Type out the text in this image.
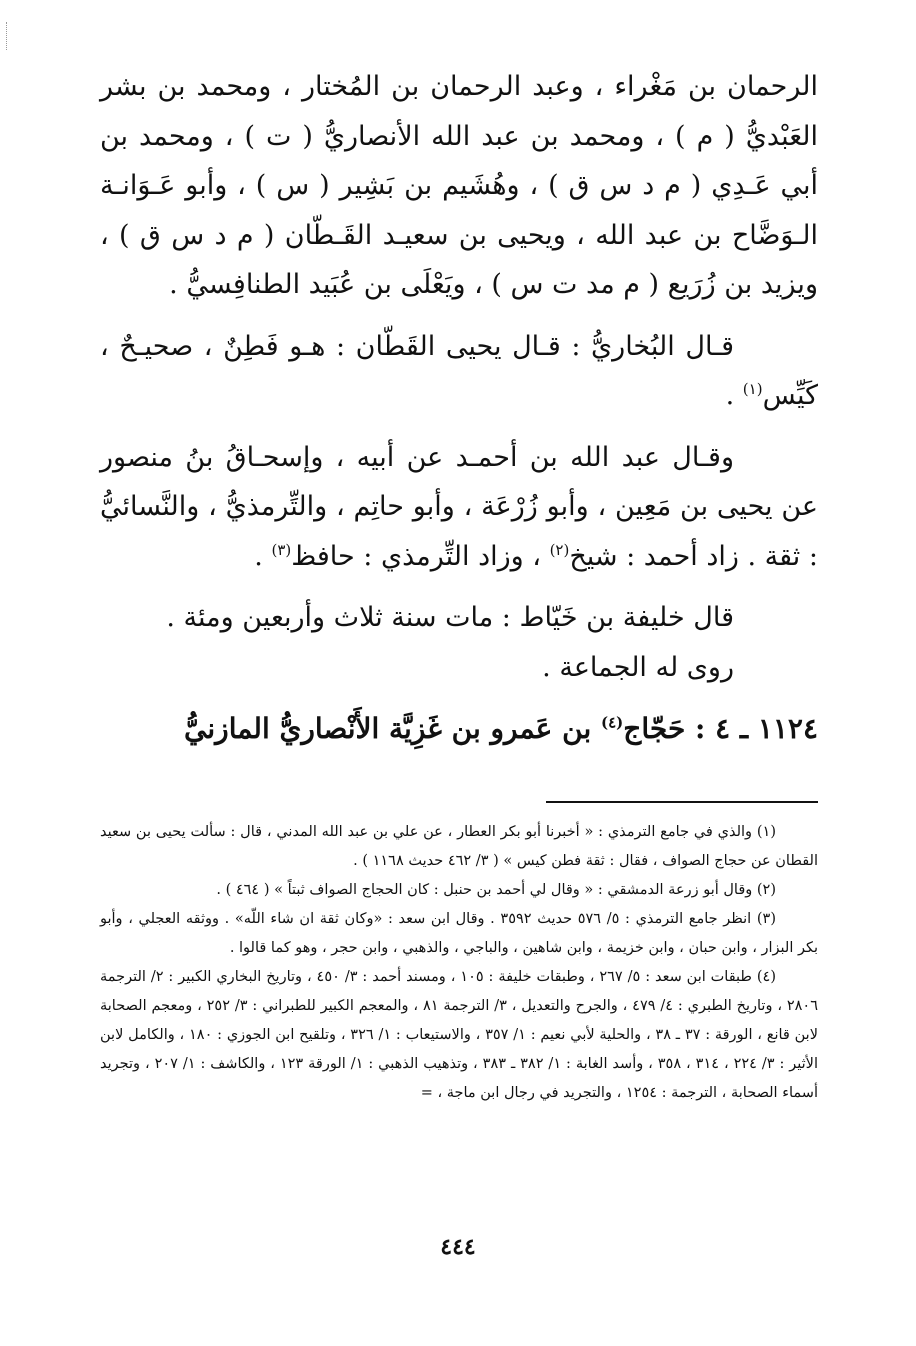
الرحمان بن مَغْراء ، وعبد الرحمان بن المُختار ، ومحمد بن بشر العَبْديُّ ( م ) ، ومحمد بن عبد الله الأنصاريُّ ( ت ) ، ومحمد بن أبي عَـدِي ( م د س ق ) ، وهُشَيم بن بَشِير ( س ) ، وأبو عَـوَانـة الـوَضَّاح بن عبد الله ، ويحيى بن سعيـد القَـطّان ( م د س ق ) ، ويزيد بن زُرَيع ( م مد ت س ) ، ويَعْلَى بن عُبَيد الطنافِسيُّ .

قـال البُخاريُّ : قـال يحيى القَطّان : هـو فَطِنٌ ، صحيـحٌ ، كَيِّس$^{(١)}$ .

وقـال عبد الله بن أحمـد عن أبيه ، وإسحـاقُ بنُ منصور عن يحيى بن مَعِين ، وأبو زُرْعَة ، وأبو حاتِم ، والتِّرمذيُّ ، والنَّسائيُّ : ثقة . زاد أحمد : شيخ$^{(٢)}$ ، وزاد التِّرمذي : حافظ$^{(٣)}$ .

قال خليفة بن خَيّاط : مات سنة ثلاث وأربعين ومئة .

روى له الجماعة .

١١٢٤ ـ ٤ : حَجّاج$^{(٤)}$ بن عَمرو بن غَزِيَّة الأَنْصاريُّ المازنيُّ

(١) والذي في جامع الترمذي : « أخبرنا أبو بكر العطار ، عن علي بن عبد الله المدني ، قال : سألت يحيى بن سعيد القطان عن حجاج الصواف ، فقال : ثقة فطن كيس » ( ٣/ ٤٦٢ حديث ١١٦٨ ) .

(٢) وقال أبو زرعة الدمشقي : « وقال لي أحمد بن حنبل : كان الحجاج الصواف ثبتاً » ( ٤٦٤ ) .

(٣) انظر جامع الترمذي : ٥/ ٥٧٦ حديث ٣٥٩٢ . وقال ابن سعد : «وكان ثقة ان شاء اللّه» . ووثقه العجلي ، وأبو بكر البزار ، وابن حبان ، وابن خزيمة ، وابن شاهين ، والباجي ، والذهبي ، وابن حجر ، وهو كما قالوا .

(٤) طبقات ابن سعد : ٥/ ٢٦٧ ، وطبقات خليفة : ١٠٥ ، ومسند أحمد : ٣/ ٤٥٠ ، وتاريخ البخاري الكبير : ٢/ الترجمة ٢٨٠٦ ، وتاريخ الطبري : ٤/ ٤٧٩ ، والجرح والتعديل ، ٣/ الترجمة ٨١ ، والمعجم الكبير للطبراني : ٣/ ٢٥٢ ، ومعجم الصحابة لابن قانع ، الورقة : ٣٧ ـ ٣٨ ، والحلية لأبي نعيم : ١/ ٣٥٧ ، والاستيعاب : ١/ ٣٢٦ ، وتلقيح ابن الجوزي : ١٨٠ ، والكامل لابن الأثير : ٣/ ٢٢٤ ، ٣١٤ ، ٣٥٨ ، وأسد الغابة : ١/ ٣٨٢ ـ ٣٨٣ ، وتذهيب الذهبي : ١/ الورقة ١٢٣ ، والكاشف : ١/ ٢٠٧ ، وتجريد أسماء الصحابة ، الترجمة : ١٢٥٤ ، والتجريد في رجال ابن ماجة ، =

٤٤٤
